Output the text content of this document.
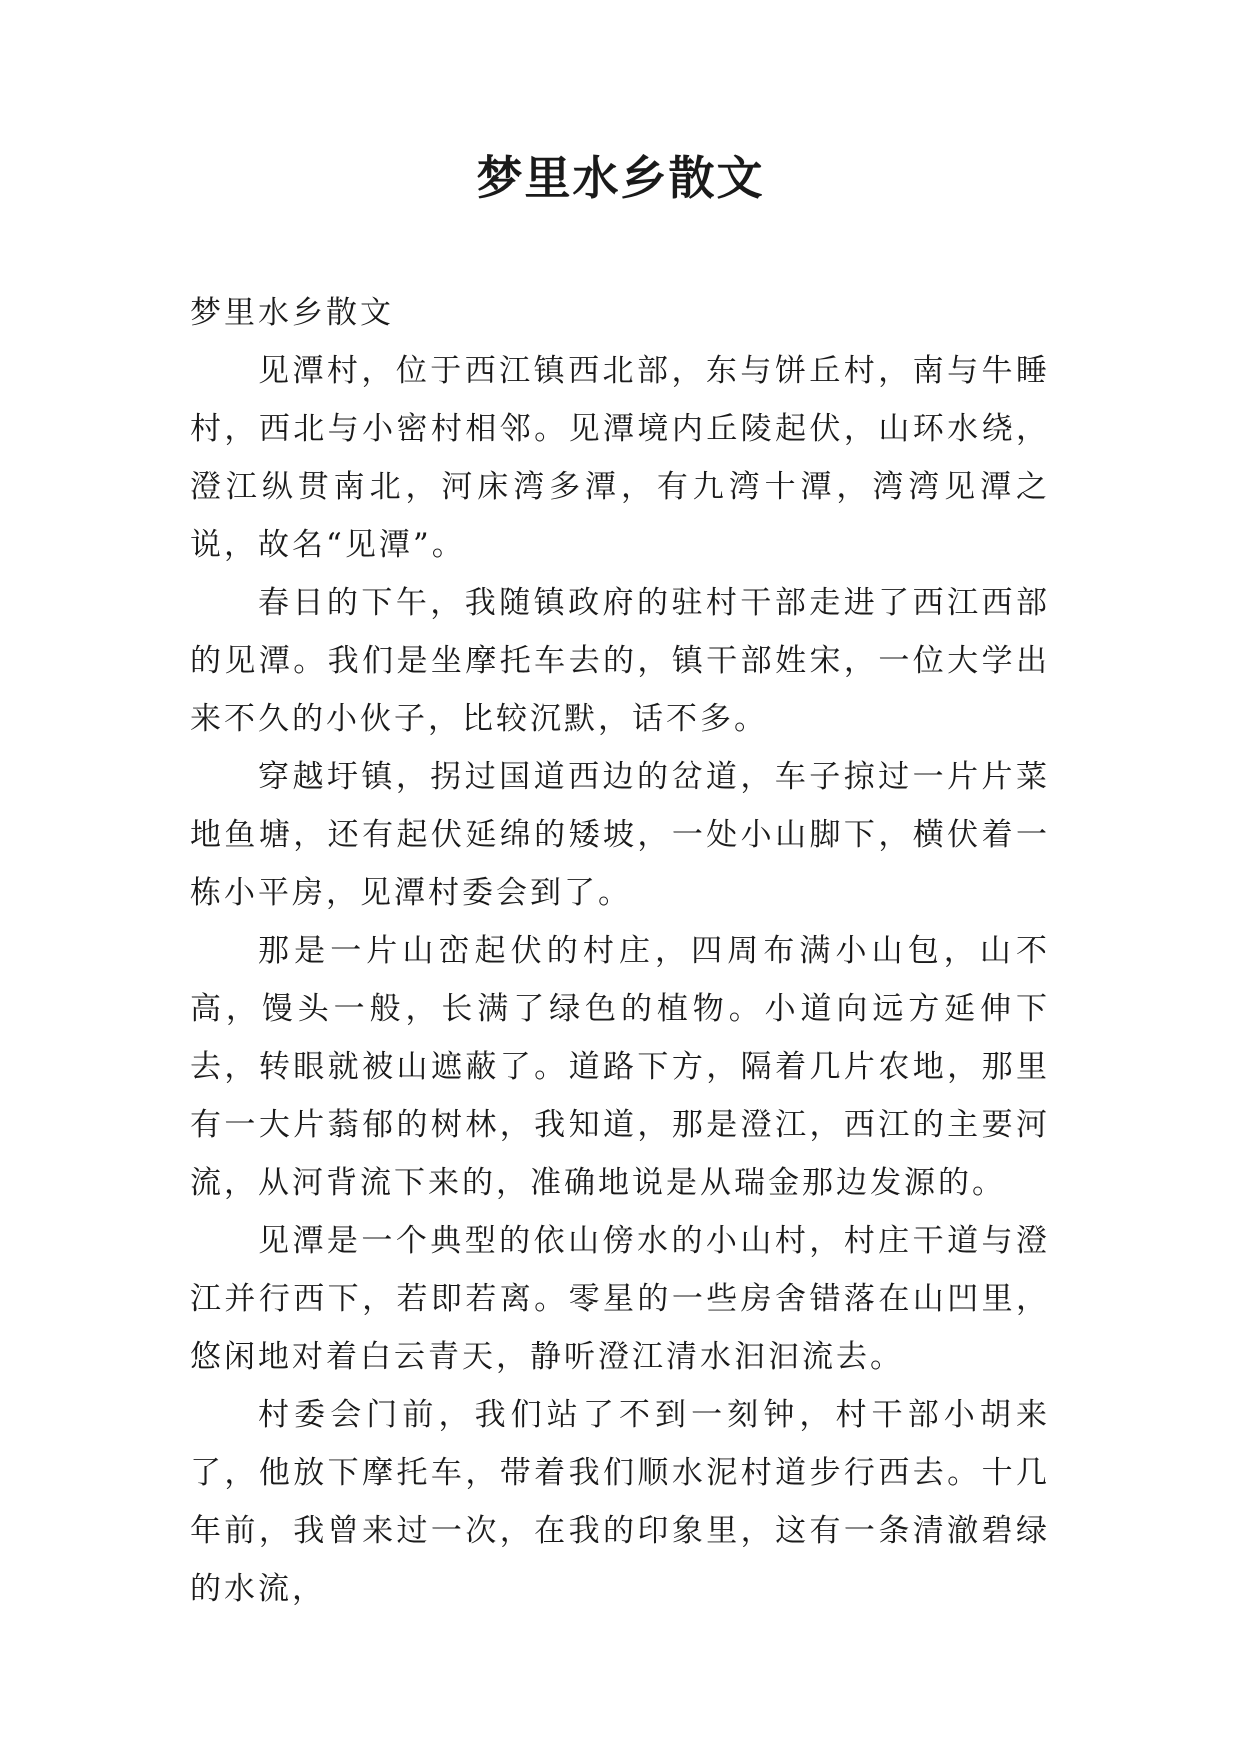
梦里水乡散文

梦里水乡散文

见潭村，位于西江镇西北部，东与饼丘村，南与牛睡村，西北与小密村相邻。见潭境内丘陵起伏，山环水绕，澄江纵贯南北，河床湾多潭，有九湾十潭，湾湾见潭之说，故名“见潭”。

春日的下午，我随镇政府的驻村干部走进了西江西部的见潭。我们是坐摩托车去的，镇干部姓宋，一位大学出来不久的小伙子，比较沉默，话不多。

穿越圩镇，拐过国道西边的岔道，车子掠过一片片菜地鱼塘，还有起伏延绵的矮坡，一处小山脚下，横伏着一栋小平房，见潭村委会到了。

那是一片山峦起伏的村庄，四周布满小山包，山不高，馒头一般，长满了绿色的植物。小道向远方延伸下去，转眼就被山遮蔽了。道路下方，隔着几片农地，那里有一大片蓊郁的树林，我知道，那是澄江，西江的主要河流，从河背流下来的，准确地说是从瑞金那边发源的。

见潭是一个典型的依山傍水的小山村，村庄干道与澄江并行西下，若即若离。零星的一些房舍错落在山凹里，悠闲地对着白云青天，静听澄江清水汩汩流去。

村委会门前，我们站了不到一刻钟，村干部小胡来了，他放下摩托车，带着我们顺水泥村道步行西去。十几年前，我曾来过一次，在我的印象里，这有一条清澈碧绿的水流，
